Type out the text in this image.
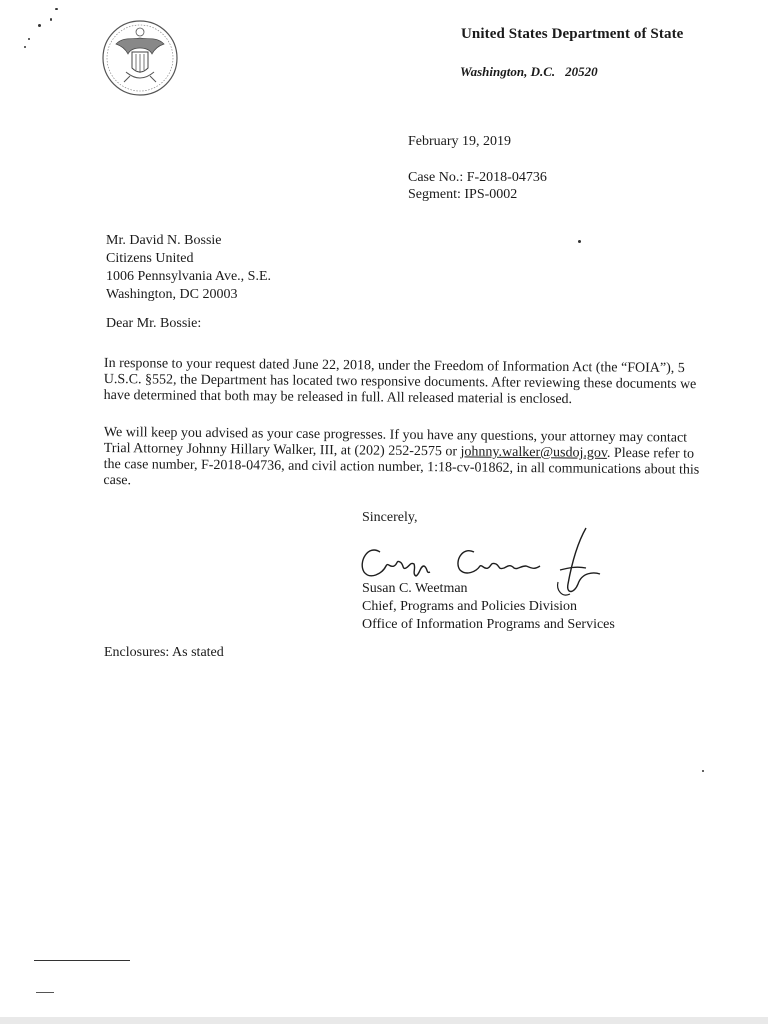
United States Department of State
Washington, D.C. 20520
February 19, 2019
Case No.: F-2018-04736
Segment: IPS-0002
Mr. David N. Bossie
Citizens United
1006 Pennsylvania Ave., S.E.
Washington, DC 20003
Dear Mr. Bossie:
In response to your request dated June 22, 2018, under the Freedom of Information Act (the “FOIA”), 5 U.S.C. §552, the Department has located two responsive documents. After reviewing these documents we have determined that both may be released in full. All released material is enclosed.
We will keep you advised as your case progresses. If you have any questions, your attorney may contact Trial Attorney Johnny Hillary Walker, III, at (202) 252-2575 or johnny.walker@usdoj.gov. Please refer to the case number, F-2018-04736, and civil action number, 1:18-cv-01862, in all communications about this case.
Sincerely,
Susan C. Weetman
Chief, Programs and Policies Division
Office of Information Programs and Services
Enclosures: As stated
